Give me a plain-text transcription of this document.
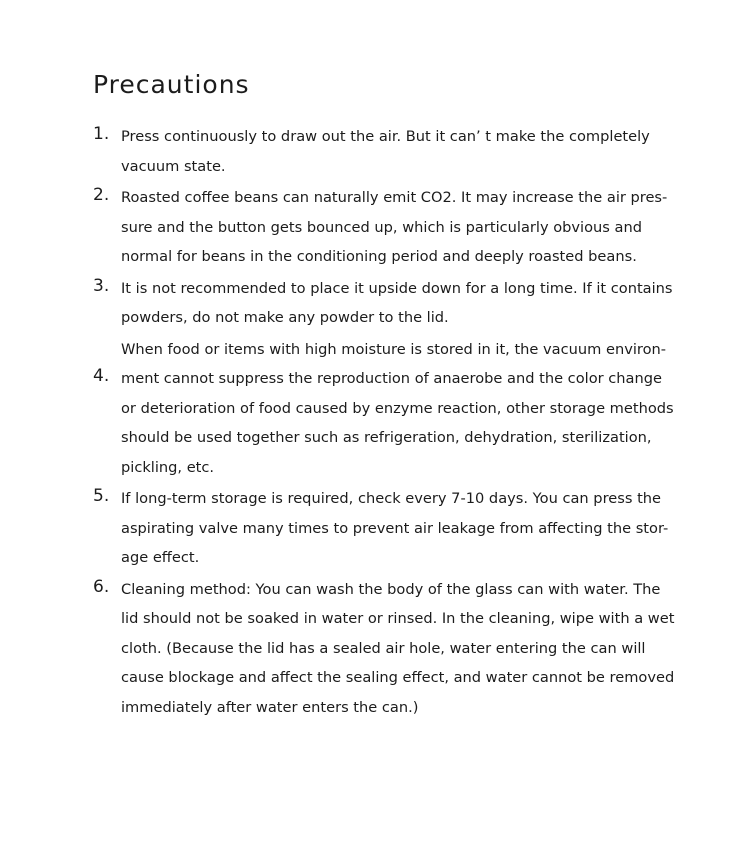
Precautions
1. Press continuously to draw out the air. But it can’ t make the completely
vacuum state.
2. Roasted coffee beans can naturally emit CO2. It may increase the air pres-
sure and the button gets bounced up, which is particularly obvious and
normal for beans in the conditioning period and deeply roasted beans.
3. It is not recommended to place it upside down for a long time. If it contains
powders, do not make any powder to the lid.
4.
When food or items with high moisture is stored in it, the vacuum environ-
ment cannot suppress the reproduction of anaerobe and the color change
or deterioration of food caused by enzyme reaction, other storage methods
should be used together such as refrigeration, dehydration, sterilization,
pickling, etc.
5. If long-term storage is required, check every 7-10 days. You can press the
aspirating valve many times to prevent air leakage from affecting the stor-
age effect.
6. Cleaning method: You can wash the body of the glass can with water. The
lid should not be soaked in water or rinsed. In the cleaning, wipe with a wet
cloth. (Because the lid has a sealed air hole, water entering the can will
cause blockage and affect the sealing effect, and water cannot be removed
immediately after water enters the can.)
